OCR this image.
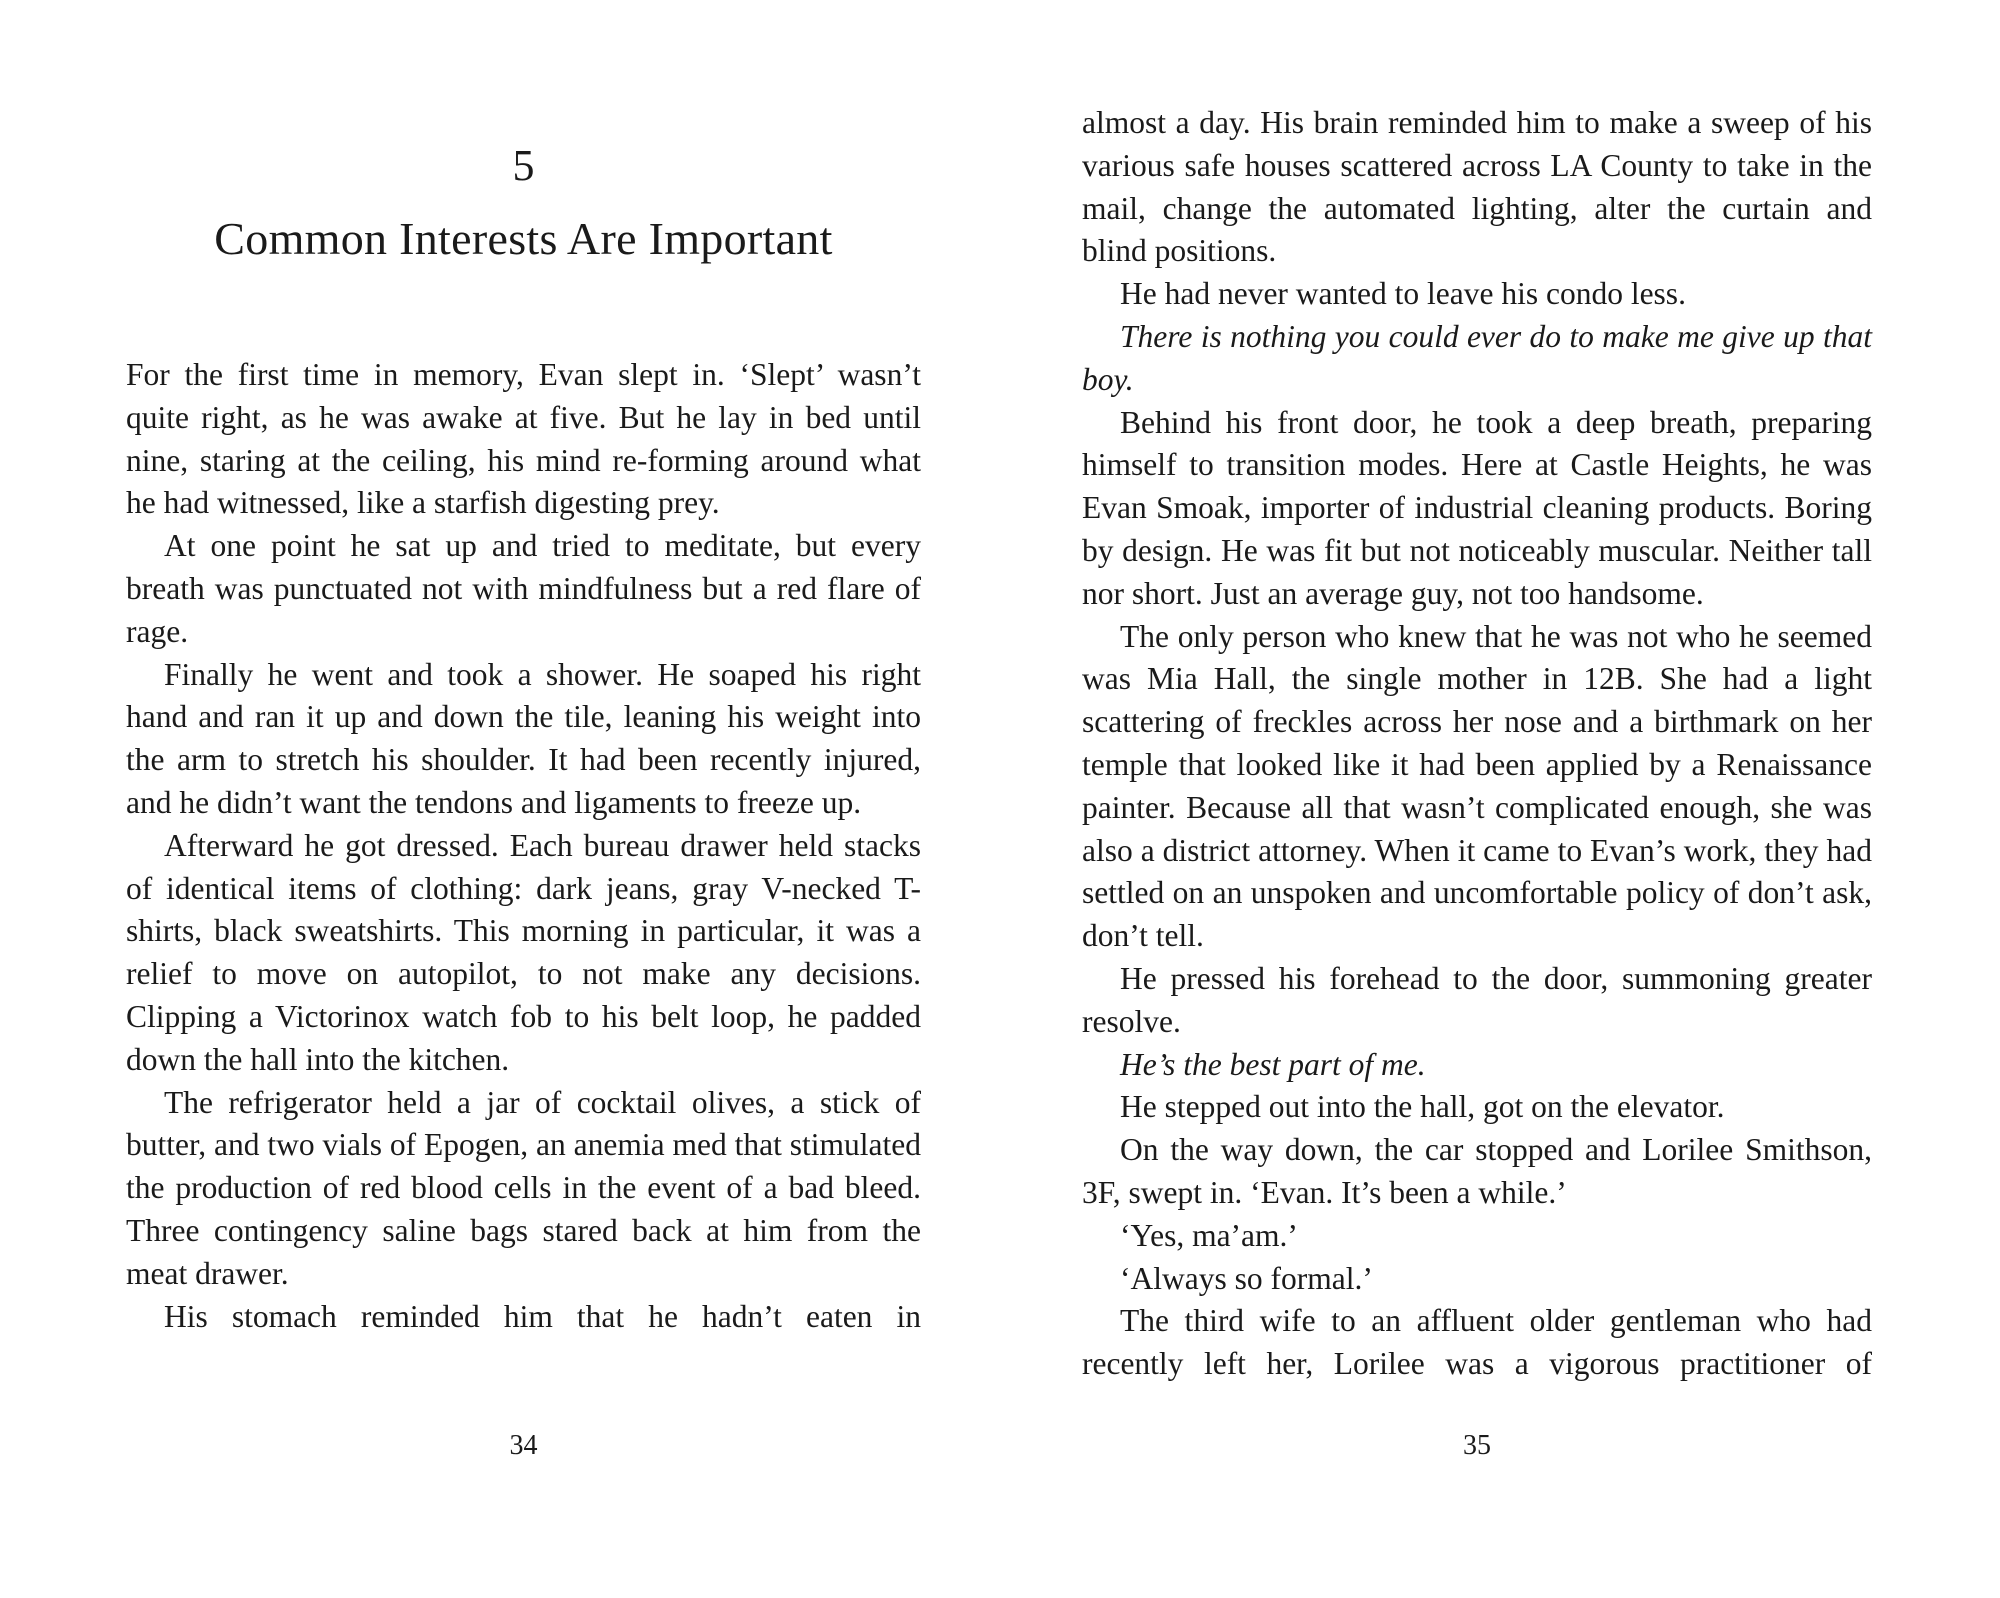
5
Common Interests Are Important

For the first time in memory, Evan slept in. ‘Slept’ wasn’t quite right, as he was awake at five. But he lay in bed until nine, staring at the ceiling, his mind re-forming around what he had witnessed, like a starfish digesting prey.

At one point he sat up and tried to meditate, but every breath was punctuated not with mindfulness but a red flare of rage.

Finally he went and took a shower. He soaped his right hand and ran it up and down the tile, leaning his weight into the arm to stretch his shoulder. It had been recently injured, and he didn’t want the tendons and ligaments to freeze up.

Afterward he got dressed. Each bureau drawer held stacks of identical items of clothing: dark jeans, gray V-necked T-shirts, black sweatshirts. This morning in particular, it was a relief to move on autopilot, to not make any decisions. Clipping a Victorinox watch fob to his belt loop, he padded down the hall into the kitchen.

The refrigerator held a jar of cocktail olives, a stick of butter, and two vials of Epogen, an anemia med that stimulated the production of red blood cells in the event of a bad bleed. Three contingency saline bags stared back at him from the meat drawer.

His stomach reminded him that he hadn’t eaten in

34

almost a day. His brain reminded him to make a sweep of his various safe houses scattered across LA County to take in the mail, change the automated lighting, alter the curtain and blind positions.

He had never wanted to leave his condo less.

There is nothing you could ever do to make me give up that boy.

Behind his front door, he took a deep breath, preparing himself to transition modes. Here at Castle Heights, he was Evan Smoak, importer of industrial cleaning products. Boring by design. He was fit but not noticeably muscular. Neither tall nor short. Just an average guy, not too handsome.

The only person who knew that he was not who he seemed was Mia Hall, the single mother in 12B. She had a light scattering of freckles across her nose and a birthmark on her temple that looked like it had been applied by a Renaissance painter. Because all that wasn’t complicated enough, she was also a district attorney. When it came to Evan’s work, they had settled on an unspoken and uncomfortable policy of don’t ask, don’t tell.

He pressed his forehead to the door, summoning greater resolve.

He’s the best part of me.

He stepped out into the hall, got on the elevator.

On the way down, the car stopped and Lorilee Smithson, 3F, swept in. ‘Evan. It’s been a while.’

‘Yes, ma’am.’

‘Always so formal.’

The third wife to an affluent older gentleman who had recently left her, Lorilee was a vigorous practitioner of

35
